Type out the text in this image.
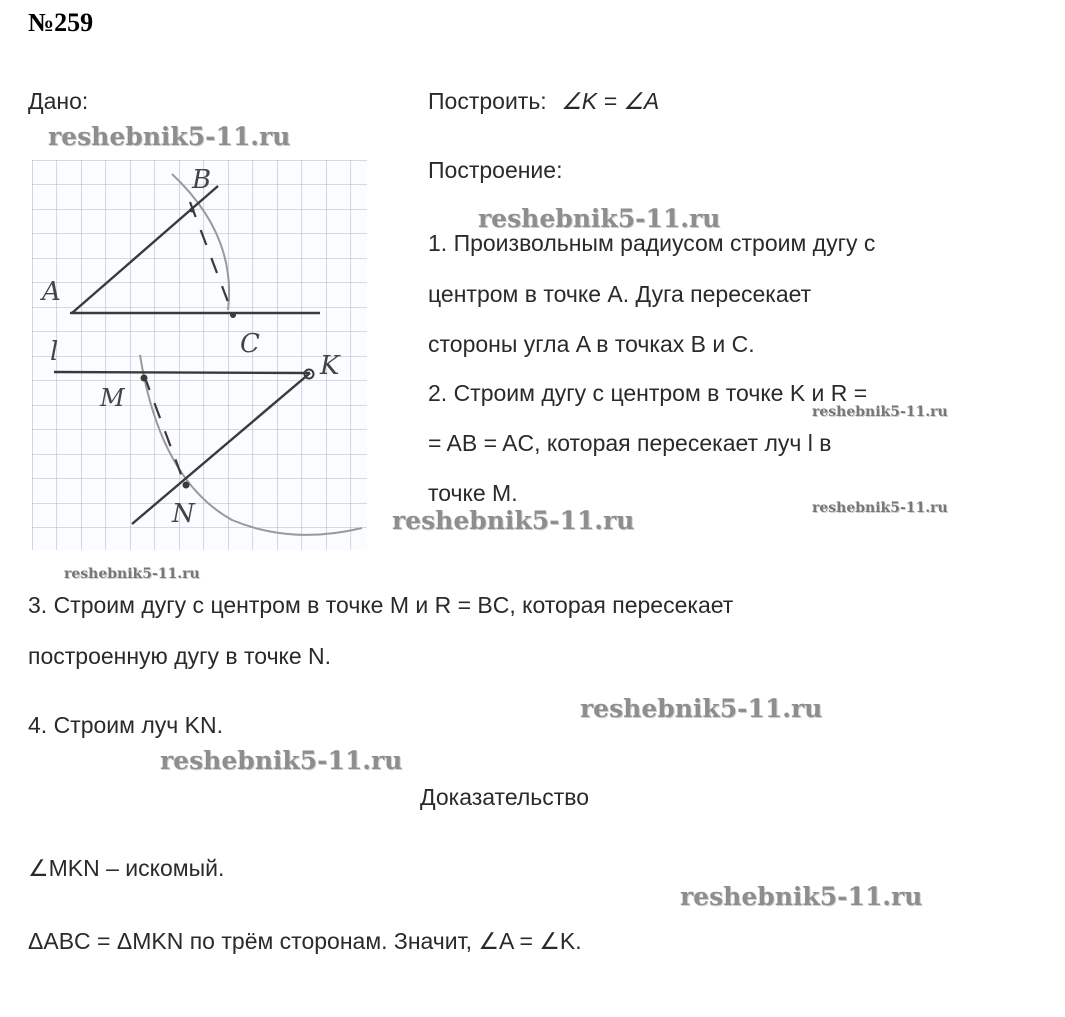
№259
Дано:	Построить: ∠K = ∠A
Построение:
1. Произвольным радиусом строим дугу с
центром в точке A. Дуга пересекает
стороны угла A в точках B и C.
2. Строим дугу с центром в точке K и R =
= AB = AC, которая пересекает луч l в
точке M.
3. Строим дугу с центром в точке M и R = BC, которая пересекает
построенную дугу в точке N.
4. Строим луч KN.
Доказательство
∠MKN – искомый.
ΔABC = ΔMKN по трём сторонам. Значит, ∠A = ∠K.
reshebnik5-11.ru
reshebnik5-11.ru
reshebnik5-11.ru
reshebnik5-11.ru
reshebnik5-11.ru
reshebnik5-11.ru
reshebnik5-11.ru
reshebnik5-11.ru
reshebnik5-11.ru
B
A
C
l
M
K
N
